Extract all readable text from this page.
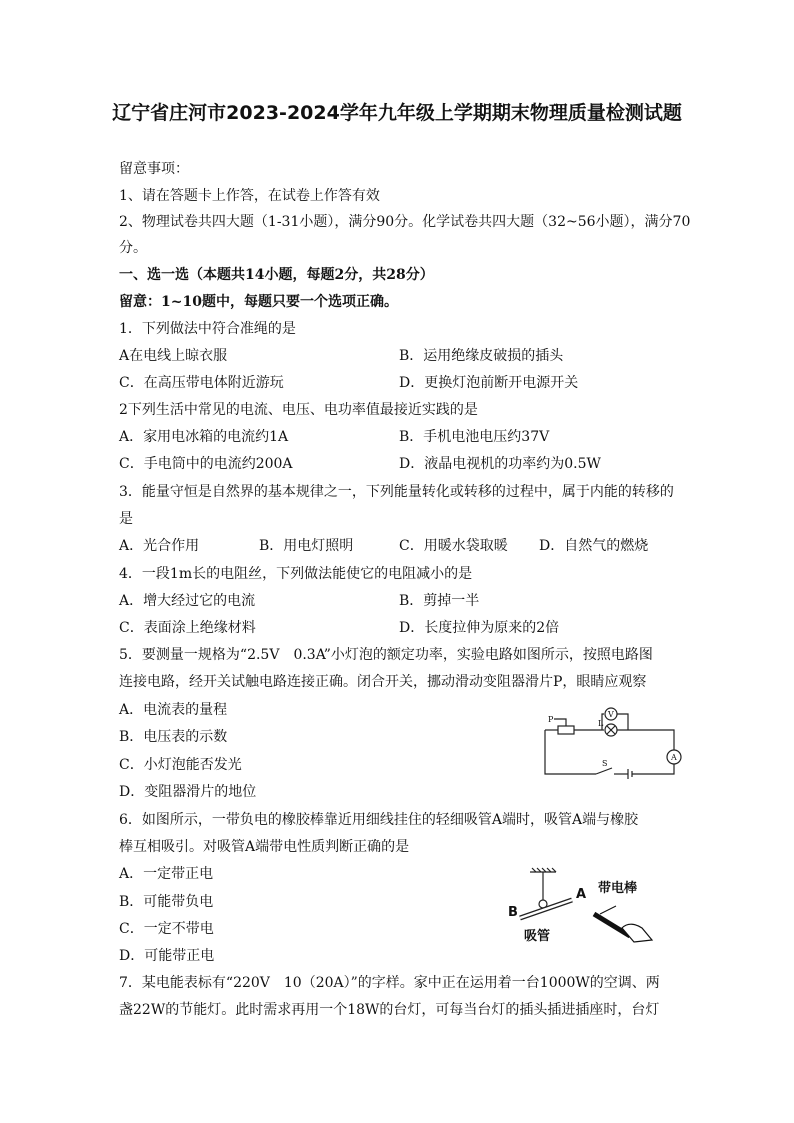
辽宁省庄河市2023-2024学年九年级上学期期末物理质量检测试题
留意事项：
1、请在答题卡上作答，在试卷上作答有效
2、物理试卷共四大题（1-31小题），满分90分。化学试卷共四大题（32~56小题），满分70
分。
一、选一选（本题共14小题，每题2分，共28分）
留意：1~10题中，每题只要一个选项正确。
1．下列做法中符合准绳的是
A在电线上晾衣服	B．运用绝缘皮破损的插头
C．在高压带电体附近游玩	D．更换灯泡前断开电源开关
2下列生活中常见的电流、电压、电功率值最接近实践的是
A．家用电冰箱的电流约1A	B．手机电池电压约37V
C．手电筒中的电流约200A	D．液晶电视机的功率约为0.5W
3．能量守恒是自然界的基本规律之一，下列能量转化或转移的过程中，属于内能的转移的
是
A．光合作用	B．用电灯照明	C．用暖水袋取暖 D．自然气的燃烧
4．一段1m长的电阻丝，下列做法能使它的电阻减小的是
A．增大经过它的电流	B．剪掉一半
C．表面涂上绝缘材料	D．长度拉伸为原来的2倍
5．要测量一规格为“2.5V　0.3A”小灯泡的额定功率，实验电路如图所示，按照电路图
连接电路，经开关试触电路连接正确。闭合开关，挪动滑动变阻器滑片P，眼睛应观察
A．电流表的量程
B．电压表的示数
C．小灯泡能否发光
D．变阻器滑片的地位
P
V
L
A
S
6．如图所示，一带负电的橡胶棒靠近用细线挂住的轻细吸管A端时，吸管A端与橡胶
棒互相吸引。对吸管A端带电性质判断正确的是
A．一定带正电
B．可能带负电
C．一定不带电
D．可能带正电
B
A 带电棒
吸管
7．某电能表标有“220V　10（20A）”的字样。家中正在运用着一台1000W的空调、两
盏22W的节能灯。此时需求再用一个18W的台灯，可每当台灯的插头插进插座时，台灯
